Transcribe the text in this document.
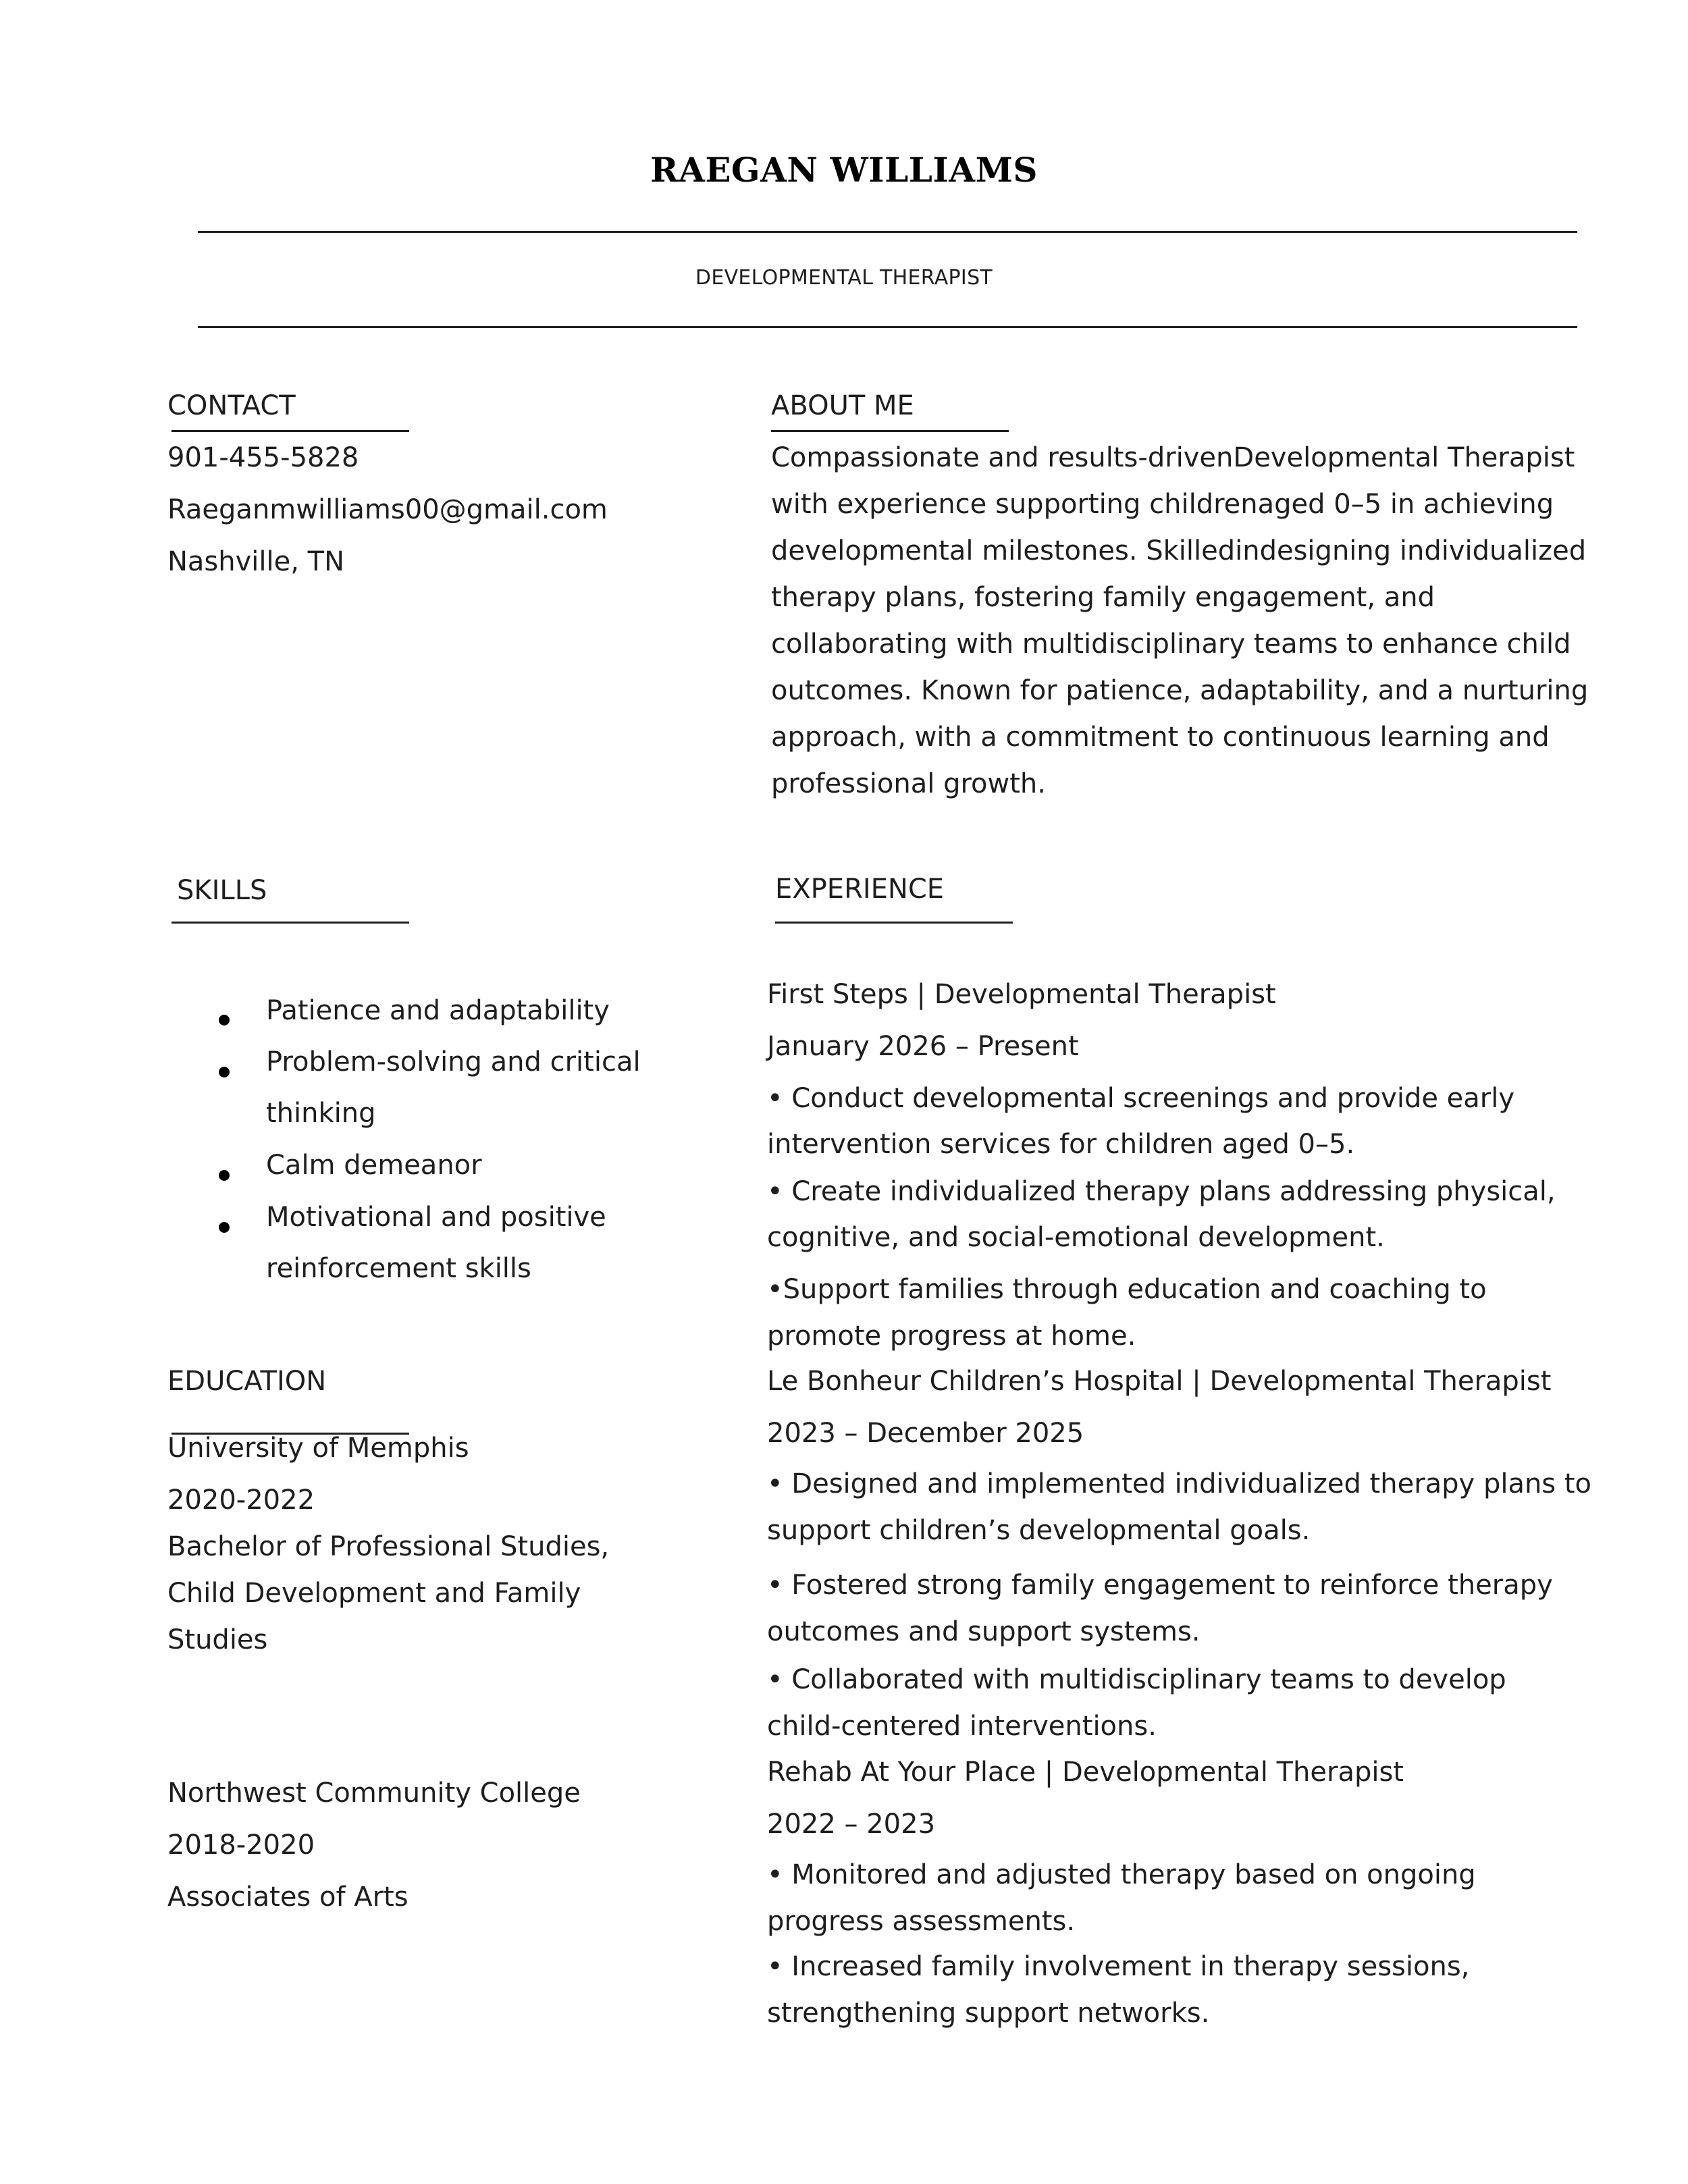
RAEGAN WILLIAMS
DEVELOPMENTAL THERAPIST
CONTACT
901-455-5828
Raeganmwilliams00@gmail.com
Nashville, TN
ABOUT ME
Compassionate and results-drivenDevelopmental Therapist
with experience supporting childrenaged 0–5 in achieving
developmental milestones. Skilledindesigning individualized
therapy plans, fostering family engagement, and
collaborating with multidisciplinary teams to enhance child
outcomes. Known for patience, adaptability, and a nurturing
approach, with a commitment to continuous learning and
professional growth.
SKILLS
Patience and adaptability
Problem-solving and critical
thinking
Calm demeanor
Motivational and positive
reinforcement skills
EDUCATION
University of Memphis
2020-2022
Bachelor of Professional Studies,
Child Development and Family
Studies
Northwest Community College
2018-2020
Associates of Arts
EXPERIENCE
First Steps | Developmental Therapist
January 2026 – Present
• Conduct developmental screenings and provide early
intervention services for children aged 0–5.
• Create individualized therapy plans addressing physical,
cognitive, and social-emotional development.
•Support families through education and coaching to
promote progress at home.
Le Bonheur Children’s Hospital | Developmental Therapist
2023 – December 2025
• Designed and implemented individualized therapy plans to
support children’s developmental goals.
• Fostered strong family engagement to reinforce therapy
outcomes and support systems.
• Collaborated with multidisciplinary teams to develop
child-centered interventions.
Rehab At Your Place | Developmental Therapist
2022 – 2023
• Monitored and adjusted therapy based on ongoing
progress assessments.
• Increased family involvement in therapy sessions,
strengthening support networks.
